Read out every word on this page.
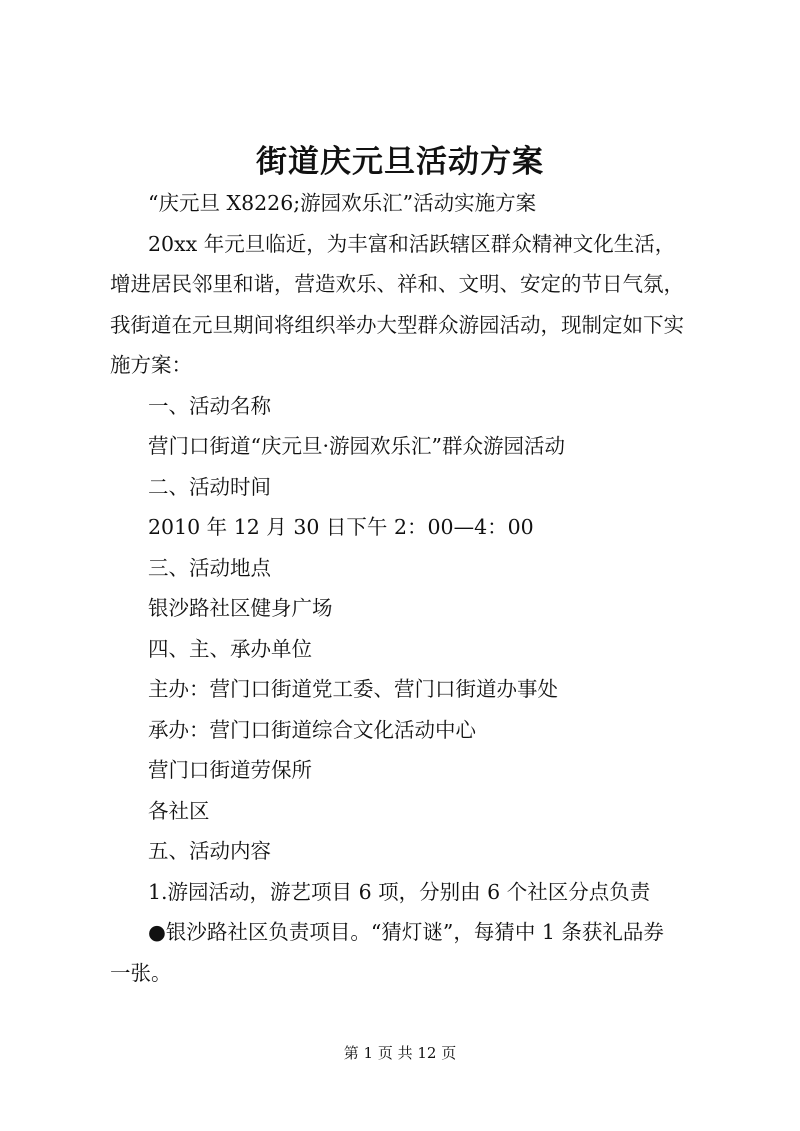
街道庆元旦活动方案

“庆元旦 X8226;游园欢乐汇”活动实施方案

20xx 年元旦临近，为丰富和活跃辖区群众精神文化生活，

增进居民邻里和谐，营造欢乐、祥和、文明、安定的节日气氛，

我街道在元旦期间将组织举办大型群众游园活动，现制定如下实

施方案：

一、活动名称

营门口街道“庆元旦·游园欢乐汇”群众游园活动

二、活动时间

2010 年 12 月 30 日下午 2：00—4：00

三、活动地点

银沙路社区健身广场

四、主、承办单位

主办：营门口街道党工委、营门口街道办事处

承办：营门口街道综合文化活动中心

营门口街道劳保所

各社区

五、活动内容

1.游园活动，游艺项目 6 项，分别由 6 个社区分点负责

●银沙路社区负责项目。“猜灯谜”，每猜中 1 条获礼品券

一张。

第 1 页 共 12 页
